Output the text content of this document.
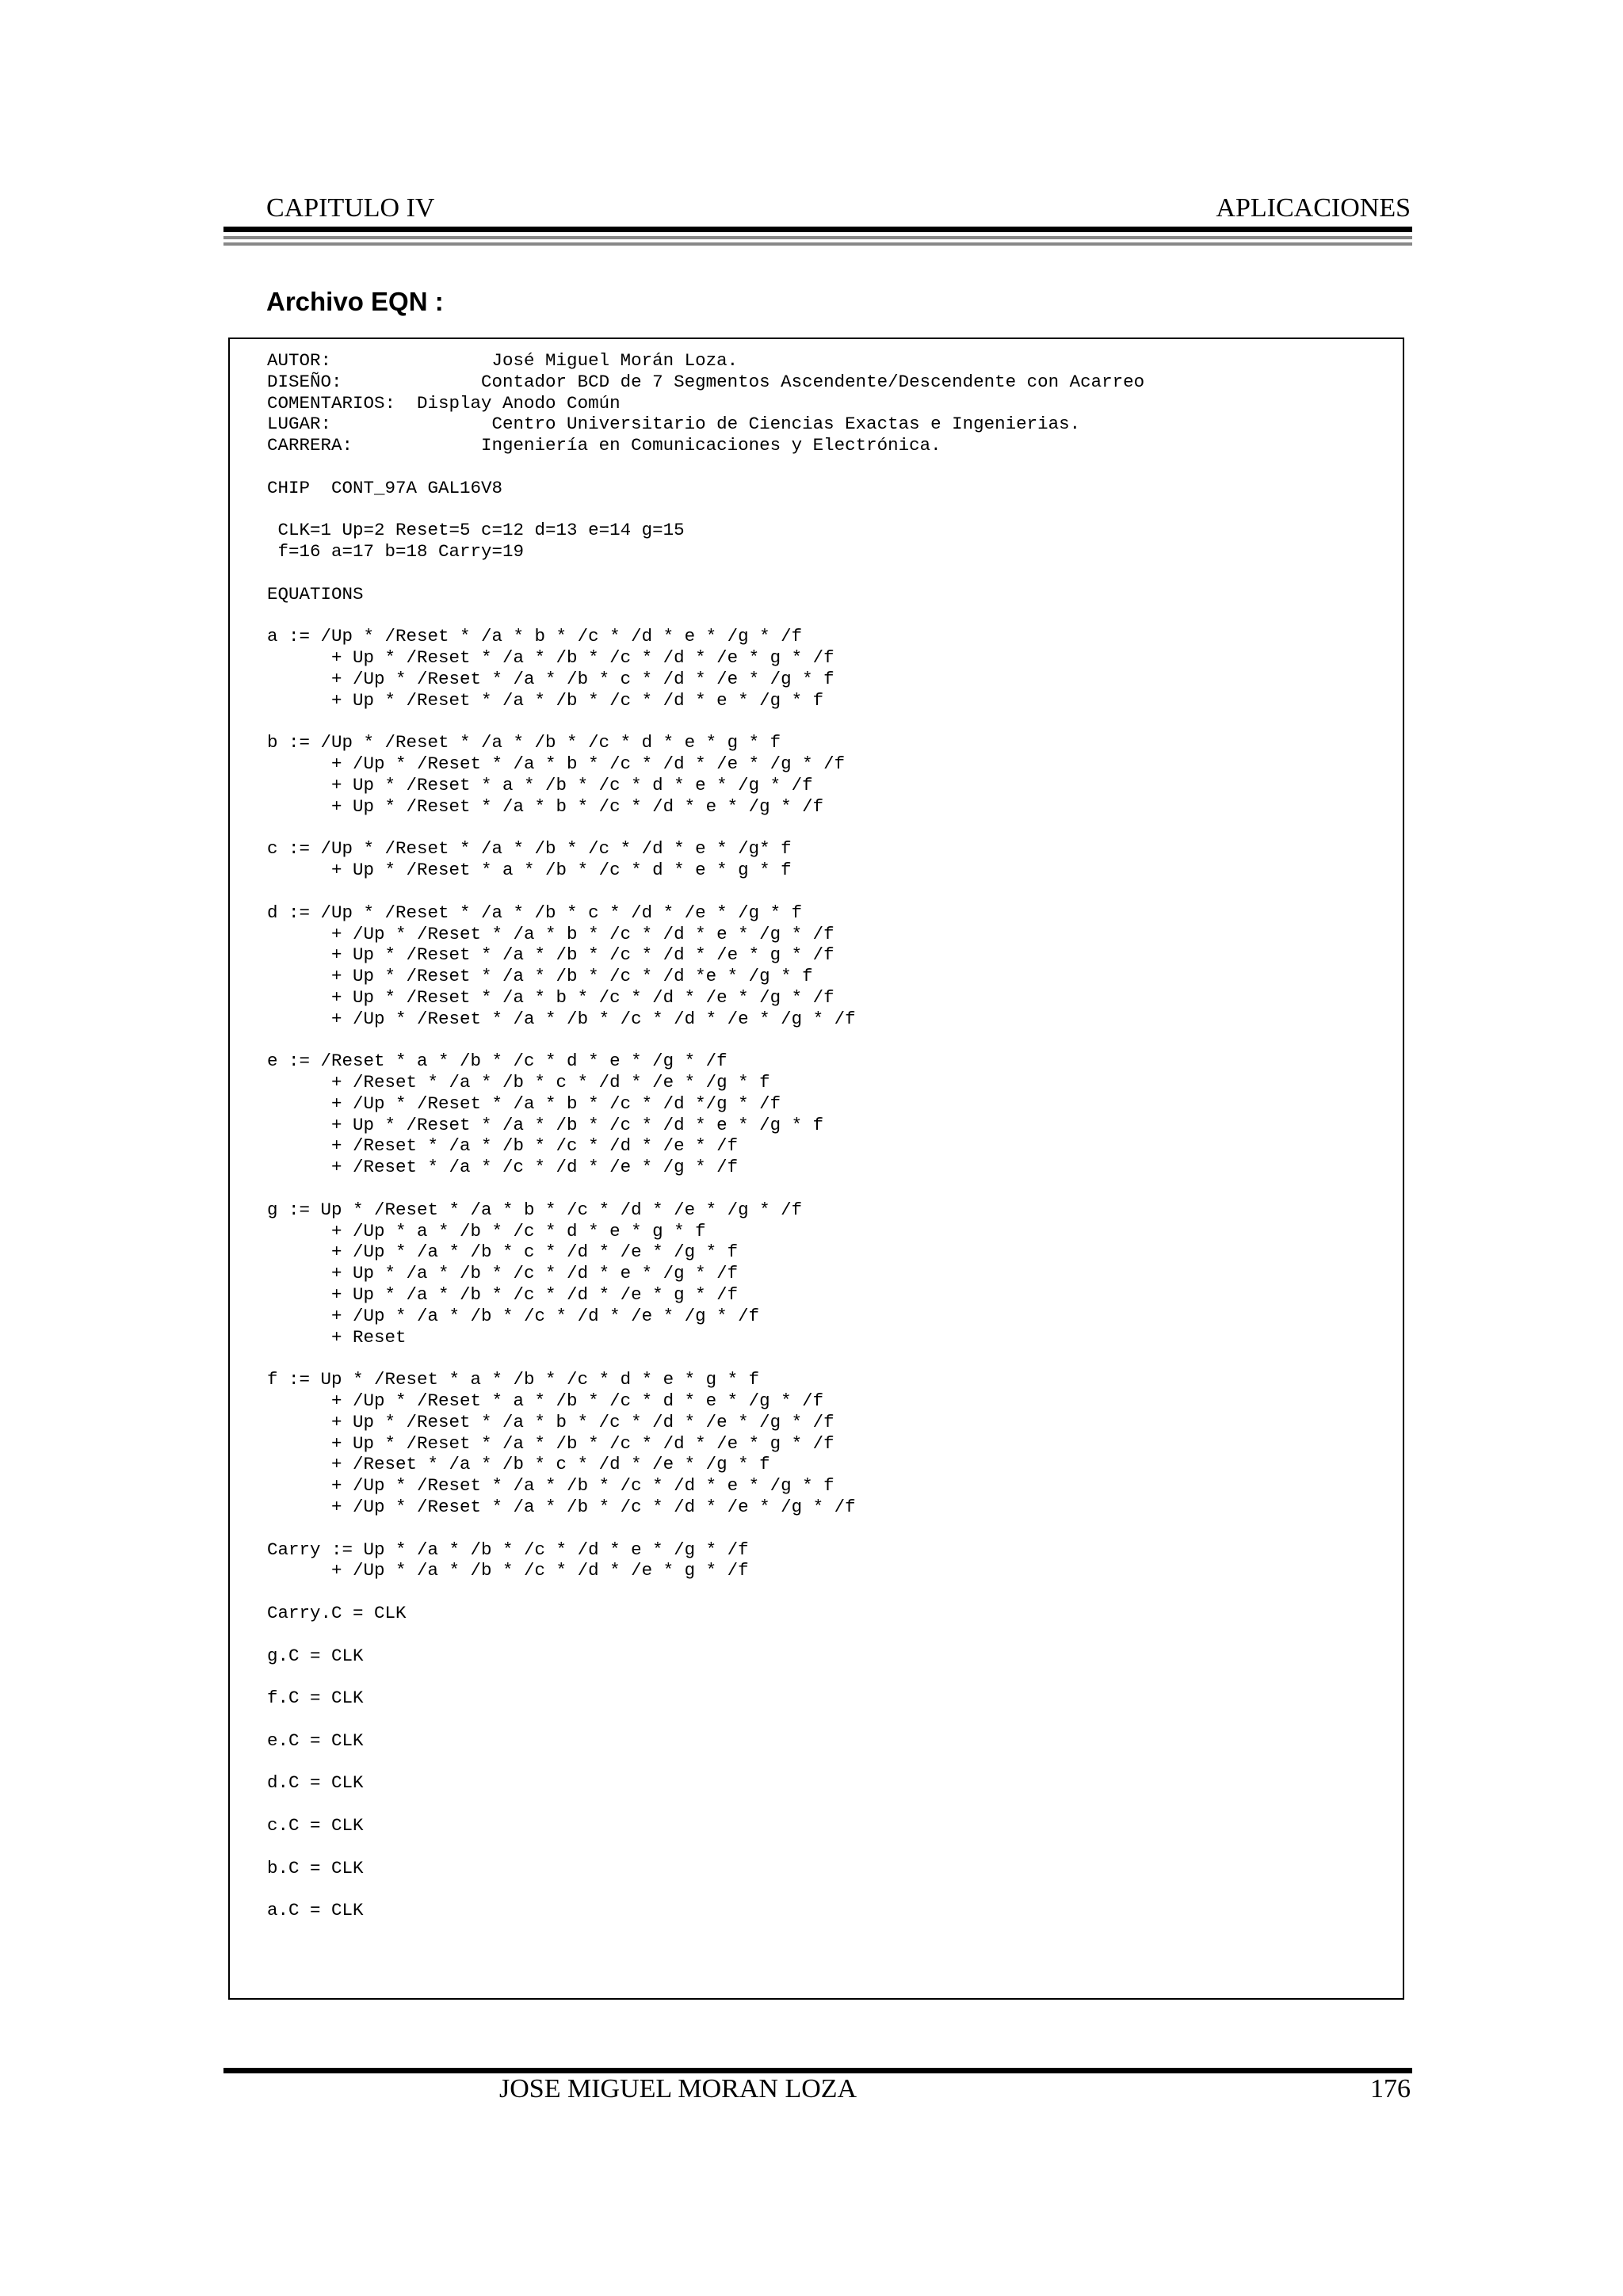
CAPITULO IV	APLICACIONES
Archivo EQN :
AUTOR:               José Miguel Morán Loza.
DISEÑO:             Contador BCD de 7 Segmentos Ascendente/Descendente con Acarreo
COMENTARIOS:  Display Anodo Común
LUGAR:               Centro Universitario de Ciencias Exactas e Ingenierias.
CARRERA:            Ingeniería en Comunicaciones y Electrónica.

CHIP  CONT_97A GAL16V8

CLK=1 Up=2 Reset=5 c=12 d=13 e=14 g=15
f=16 a=17 b=18 Carry=19

EQUATIONS

a := /Up * /Reset * /a * b * /c * /d * e * /g * /f
+ Up * /Reset * /a * /b * /c * /d * /e * g * /f
+ /Up * /Reset * /a * /b * c * /d * /e * /g * f
+ Up * /Reset * /a * /b * /c * /d * e * /g * f

b := /Up * /Reset * /a * /b * /c * d * e * g * f
+ /Up * /Reset * /a * b * /c * /d * /e * /g * /f
+ Up * /Reset * a * /b * /c * d * e * /g * /f
+ Up * /Reset * /a * b * /c * /d * e * /g * /f

c := /Up * /Reset * /a * /b * /c * /d * e * /g* f
+ Up * /Reset * a * /b * /c * d * e * g * f

d := /Up * /Reset * /a * /b * c * /d * /e * /g * f
+ /Up * /Reset * /a * b * /c * /d * e * /g * /f
+ Up * /Reset * /a * /b * /c * /d * /e * g * /f
+ Up * /Reset * /a * /b * /c * /d *e * /g * f
+ Up * /Reset * /a * b * /c * /d * /e * /g * /f
+ /Up * /Reset * /a * /b * /c * /d * /e * /g * /f

e := /Reset * a * /b * /c * d * e * /g * /f
+ /Reset * /a * /b * c * /d * /e * /g * f
+ /Up * /Reset * /a * b * /c * /d */g * /f
+ Up * /Reset * /a * /b * /c * /d * e * /g * f
+ /Reset * /a * /b * /c * /d * /e * /f
+ /Reset * /a * /c * /d * /e * /g * /f

g := Up * /Reset * /a * b * /c * /d * /e * /g * /f
+ /Up * a * /b * /c * d * e * g * f
+ /Up * /a * /b * c * /d * /e * /g * f
+ Up * /a * /b * /c * /d * e * /g * /f
+ Up * /a * /b * /c * /d * /e * g * /f
+ /Up * /a * /b * /c * /d * /e * /g * /f
+ Reset

f := Up * /Reset * a * /b * /c * d * e * g * f
+ /Up * /Reset * a * /b * /c * d * e * /g * /f
+ Up * /Reset * /a * b * /c * /d * /e * /g * /f
+ Up * /Reset * /a * /b * /c * /d * /e * g * /f
+ /Reset * /a * /b * c * /d * /e * /g * f
+ /Up * /Reset * /a * /b * /c * /d * e * /g * f
+ /Up * /Reset * /a * /b * /c * /d * /e * /g * /f

Carry := Up * /a * /b * /c * /d * e * /g * /f
+ /Up * /a * /b * /c * /d * /e * g * /f

Carry.C = CLK

g.C = CLK

f.C = CLK

e.C = CLK

d.C = CLK

c.C = CLK

b.C = CLK

a.C = CLK
JOSE MIGUEL MORAN LOZA	176
